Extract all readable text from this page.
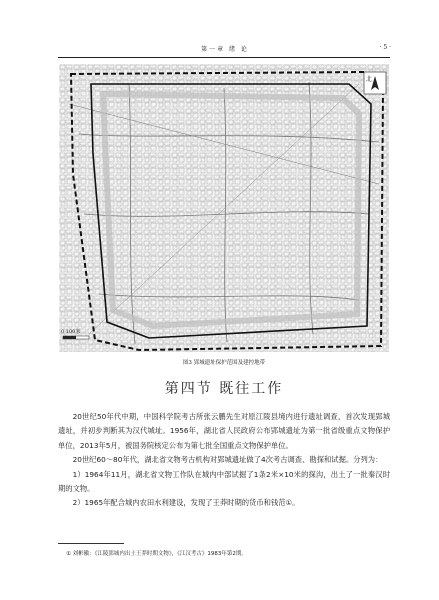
第一章 绪 论	· 5 ·
北
0 100米
图3 郢城遗址保护范围及建控地带
第四节 既往工作

20世纪50年代中期，中国科学院考古所张云鹏先生对原江陵县境内进行遗址调查，首次发现郢城遗址，并初步判断其为汉代城址。1956年，湖北省人民政府公布郢城遗址为第一批省级重点文物保护单位，2013年5月，被国务院核定公布为第七批全国重点文物保护单位。

20世纪60～80年代，湖北省文物考古机构对郢城遗址做了4次考古调查、勘探和试掘。分列为：

1）1964年11月，湖北省文物工作队在城内中部试掘了1条2米×10米的探沟，出土了一批秦汉时期的文物。

2）1965年配合城内农田水利建设，发现了王莽时期的货币和钱范①。

① 刘彬徽：《江陵郢城内出土王莽时期文物》，《江汉考古》1983年第2期。
